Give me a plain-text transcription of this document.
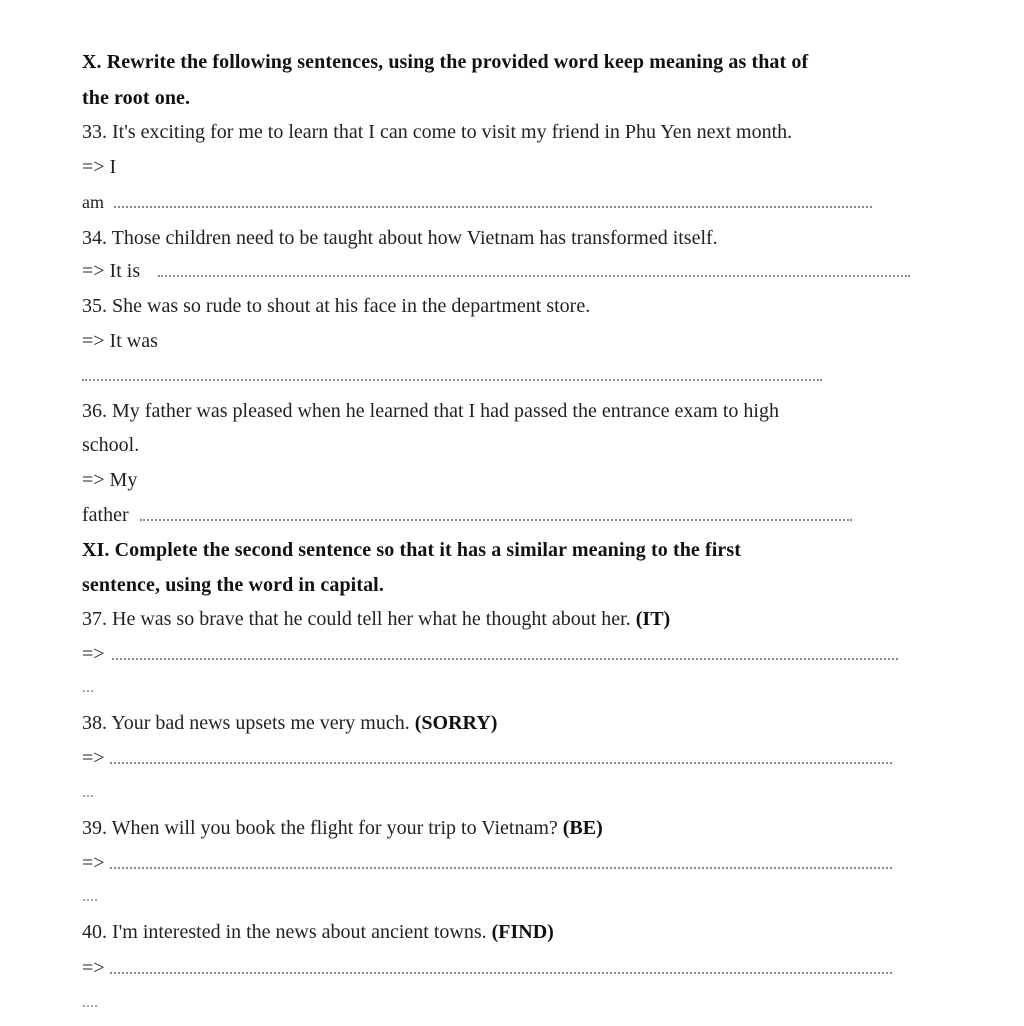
X. Rewrite the following sentences, using the provided word keep meaning as that of
the root one.
33. It's exciting for me to learn that I can come to visit my friend in Phu Yen next month.
=> I
am
34. Those children need to be taught about how Vietnam has transformed itself.
=> It is
35. She was so rude to shout at his face in the department store.
=> It was
36. My father was pleased when he learned that I had passed the entrance exam to high
school.
=> My
father
XI. Complete the second sentence so that it has a similar meaning to the first
sentence, using the word in capital.
37. He was so brave that he could tell her what he thought about her. (IT)
=>
...
38. Your bad news upsets me very much. (SORRY)
=>
...
39. When will you book the flight for your trip to Vietnam? (BE)
=>
....
40. I'm interested in the news about ancient towns. (FIND)
=>
....
